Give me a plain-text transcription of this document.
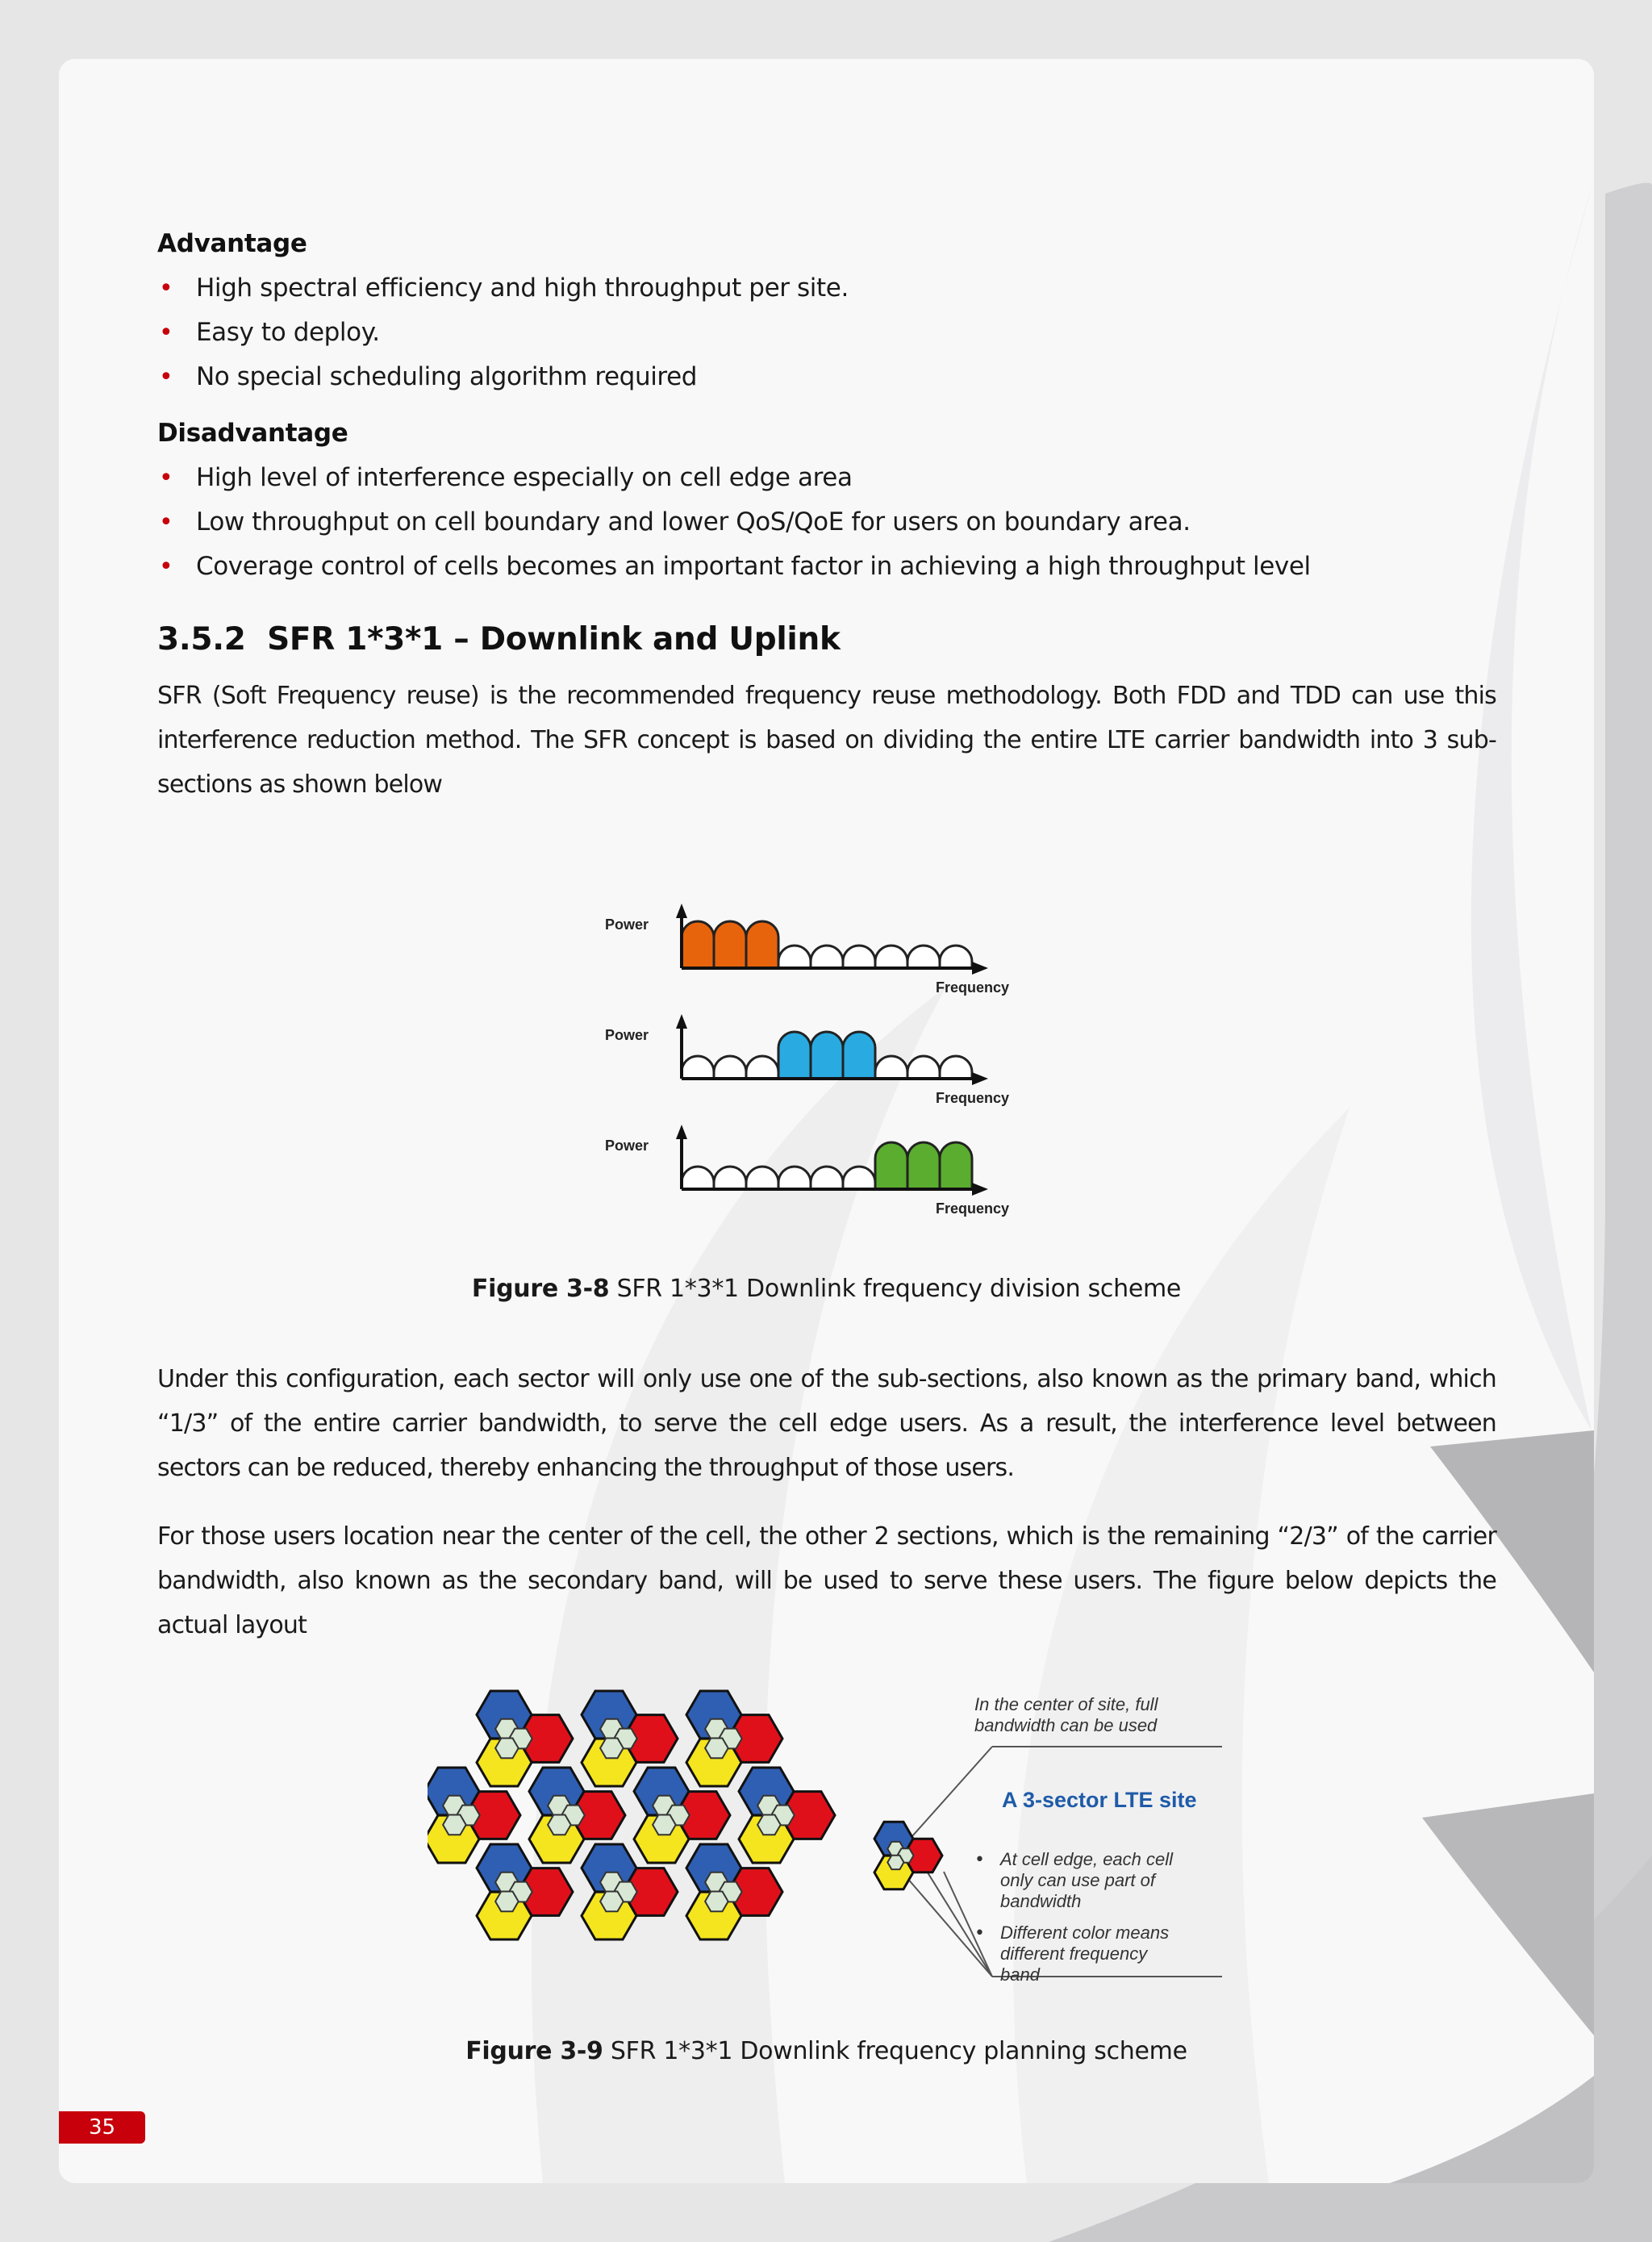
Advantage
• High spectral efficiency and high throughput per site.
• Easy to deploy.
• No special scheduling algorithm required
Disadvantage
• High level of interference especially on cell edge area
• Low throughput on cell boundary and lower QoS/QoE for users on boundary area.
• Coverage control of cells becomes an important factor in achieving a high throughput level
3.5.2 SFR 1*3*1 – Downlink and Uplink

SFR (Soft Frequency reuse) is the recommended frequency reuse methodology. Both FDD and TDD can use this interference reduction method. The SFR concept is based on dividing the entire LTE carrier bandwidth into 3 sub-sections as shown below

Power
Frequency
Power
Frequency
Power
Frequency
Figure 3-8 SFR 1*3*1 Downlink frequency division scheme

Under this configuration, each sector will only use one of the sub-sections, also known as the primary band, which “1/3” of the entire carrier bandwidth, to serve the cell edge users. As a result, the interference level between sectors can be reduced, thereby enhancing the throughput of those users.

For those users location near the center of the cell, the other 2 sections, which is the remaining “2/3” of the carrier bandwidth, also known as the secondary band, will be used to serve these users. The figure below depicts the actual layout

In the center of site, full
bandwidth can be used
A 3-sector LTE site
• At cell edge, each cell
only can use part of
bandwidth
• Different color means
different frequency
band
Figure 3-9 SFR 1*3*1 Downlink frequency planning scheme
35
